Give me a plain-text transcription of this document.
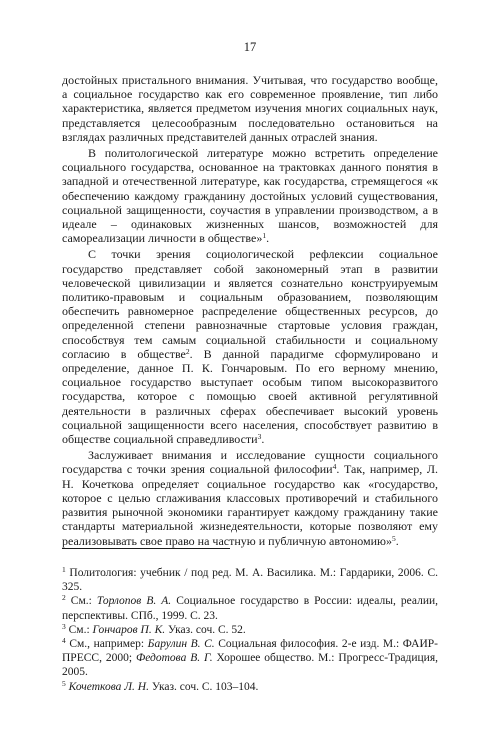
17

достойных пристального внимания. Учитывая, что государство вообще, а социальное государство как его современное проявление, тип либо характеристика, является предметом изучения многих социальных наук, представляется целесообразным последовательно остановиться на взглядах различных представителей данных отраслей знания.

В политологической литературе можно встретить определение социального государства, основанное на трактовках данного понятия в западной и отечественной литературе, как государства, стремящегося «к обеспечению каждому гражданину достойных условий существования, социальной защищенности, соучастия в управлении производством, а в идеале – одинаковых жизненных шансов, возможностей для самореализации личности в обществе»$^1$.

С точки зрения социологической рефлексии социальное государство представляет собой закономерный этап в развитии человеческой цивилизации и является сознательно конструируемым политико-правовым и социальным образованием, позволяющим обеспечить равномерное распределение общественных ресурсов, до определенной степени равнозначные стартовые условия граждан, способствуя тем самым социальной стабильности и социальному согласию в обществе$^2$. В данной парадигме сформулировано и определение, данное П. К. Гончаровым. По его верному мнению, социальное государство выступает особым типом высокоразвитого государства, которое с помощью своей активной регулятивной деятельности в различных сферах обеспечивает высокий уровень социальной защищенности всего населения, способствует развитию в обществе социальной справедливости$^3$.

Заслуживает внимания и исследование сущности социального государства с точки зрения социальной философии$^4$. Так, например, Л. Н. Кочеткова определяет социальное государство как «государство, которое с целью сглаживания классовых противоречий и стабильного развития рыночной экономики гарантирует каждому гражданину такие стандарты материальной жизнедеятельности, которые позволяют ему реализовывать свое право на частную и публичную автономию»$^5$.

$^1$ Политология: учебник / под ред. М. А. Василика. М.: Гардарики, 2006. С. 325.
$^2$ См.: Торлопов В. А. Социальное государство в России: идеалы, реалии, перспективы. СПб., 1999. С. 23.
$^3$ См.: Гончаров П. К. Указ. соч. С. 52.
$^4$ См., например: Барулин В. С. Социальная философия. 2-е изд. М.: ФАИР-ПРЕСС, 2000; Федотова В. Г. Хорошее общество. М.: Прогресс-Традиция, 2005.
$^5$ Кочеткова Л. Н. Указ. соч. С. 103–104.
